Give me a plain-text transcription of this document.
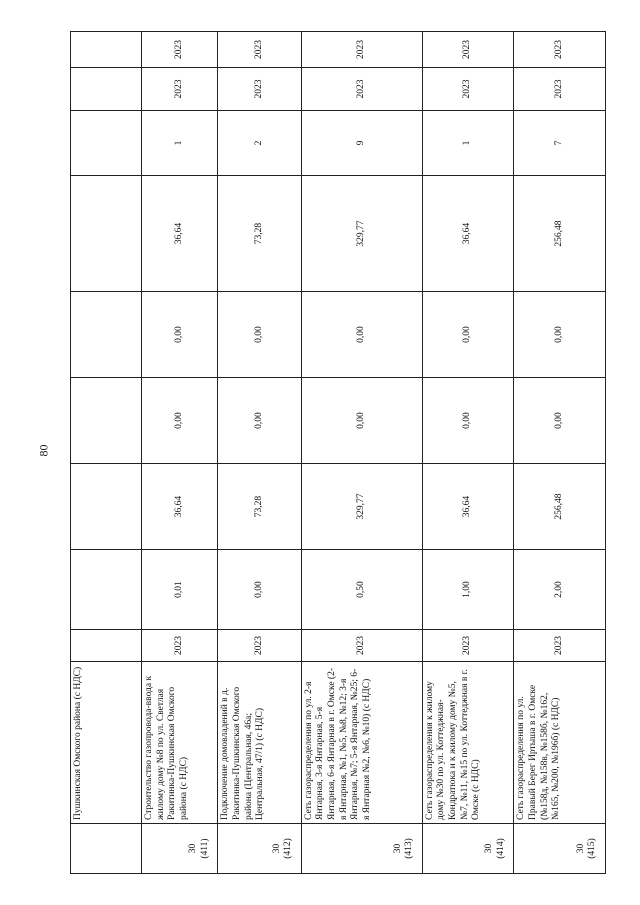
80
	Пушкинская Омского района (с НДС)									
30 (411)	Строительство газопровода-ввода к жилому дому №8 по ул. Светлая Ракитинка-Пушкинская Омского района (с НДС)	2023	0,01	36,64	0,00	0,00	36,64	1	2023	2023
30 (412)	Подключение домовладений в д. Ракитинка-Пушкинская Омского района (Центральная, 46а; Центральная, 47/1) (с НДС)	2023	0,00	73,28	0,00	0,00	73,28	2	2023	2023
30 (413)	Сеть газораспределения по ул. 2-я Янтарная, 3-я Янтарная, 5-я Янтарная, 6-я Янтарная в г. Омске (2-я Янтарная, №1, №5, №8, №12; 3-я Янтарная, №7; 5-я Янтарная, №25; 6-я Янтарная №2, №6, №10) (с НДС)	2023	0,50	329,77	0,00	0,00	329,77	9	2023	2023
30 (414)	Сеть газораспределения к жилому дому №30 по ул. Коттеджная-Кондратюка и к жилому дому №5, №7, №11, №15 по ул. Коттеджная в г. Омске (с НДС)	2023	1,00	36,64	0,00	0,00	36,64	1	2023	2023
30 (415)	Сеть газораспределения по ул. Правый Берег Иртыша в г. Омске (№158д, №158в, №158б, №162, №165, №200, №196б) (с НДС)	2023	2,00	256,48	0,00	0,00	256,48	7	2023	2023
